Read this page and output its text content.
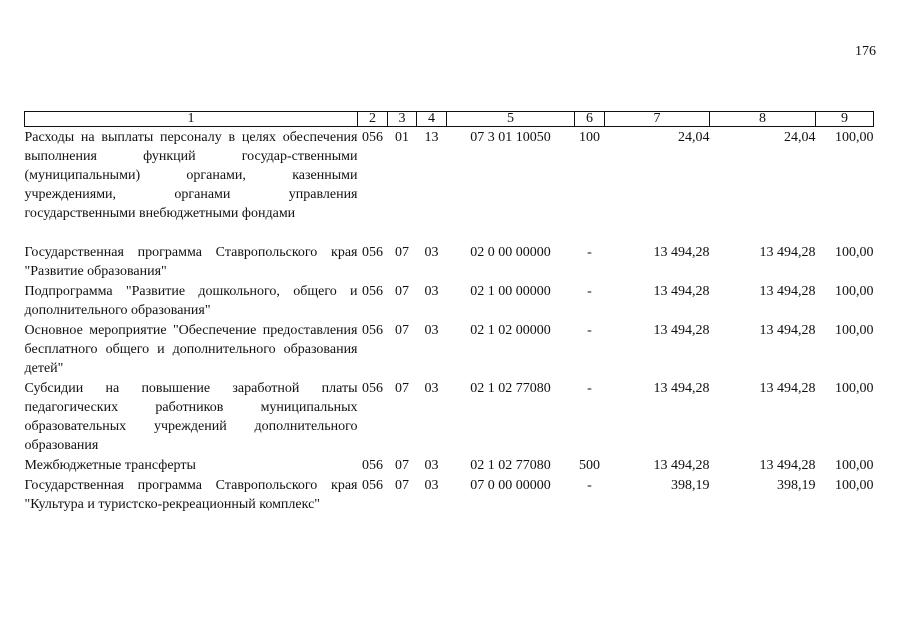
176
1	2	3	4	5	6	7	8	9
Расходы на выплаты персоналу в целях обеспечения выполнения функций государ-ственными (муниципальными) органами, казенными учреждениями, органами управления государственными внебюджетными фондами	056	01	13	07 3 01 10050	100	24,04	24,04	100,00

Государственная программа Ставропольского края "Развитие образования"	056	07	03	02 0 00 00000	-	13 494,28	13 494,28	100,00
Подпрограмма "Развитие дошкольного, общего и дополнительного образования"	056	07	03	02 1 00 00000	-	13 494,28	13 494,28	100,00
Основное мероприятие "Обеспечение предоставления бесплатного общего и дополнительного образования детей"	056	07	03	02 1 02 00000	-	13 494,28	13 494,28	100,00
Субсидии на повышение заработной платы педагогических работников муниципальных образовательных учреждений дополнительного образования	056	07	03	02 1 02 77080	-	13 494,28	13 494,28	100,00
Межбюджетные трансферты	056	07	03	02 1 02 77080	500	13 494,28	13 494,28	100,00
Государственная программа Ставропольского края "Культура и туристско-рекреационный комплекс"	056	07	03	07 0 00 00000	-	398,19	398,19	100,00
